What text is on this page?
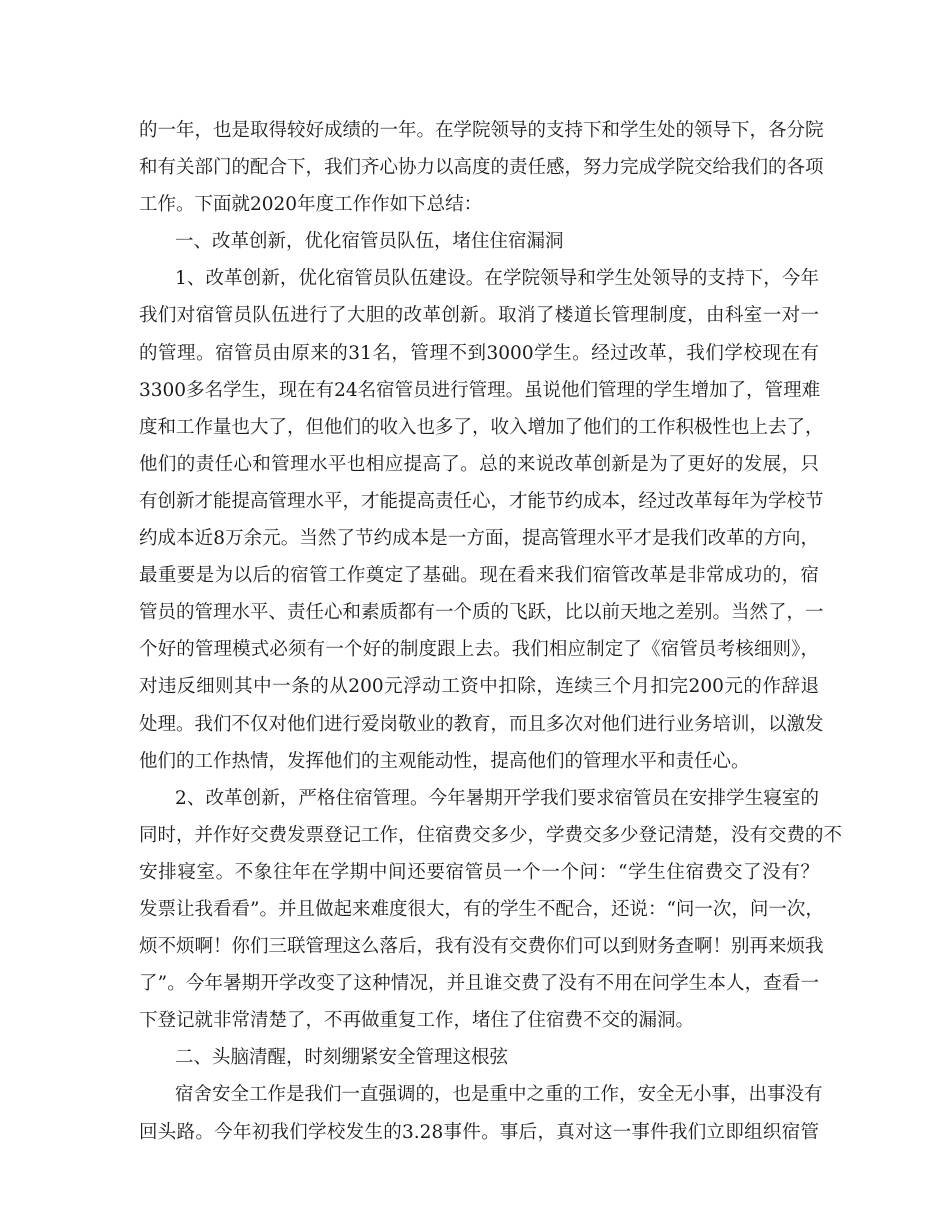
的一年，也是取得较好成绩的一年。在学院领导的支持下和学生处的领导下，各分院
和有关部门的配合下，我们齐心协力以高度的责任感，努力完成学院交给我们的各项
工作。下面就2020年度工作作如下总结：
一、改革创新，优化宿管员队伍，堵住住宿漏洞
1、改革创新，优化宿管员队伍建设。在学院领导和学生处领导的支持下，今年
我们对宿管员队伍进行了大胆的改革创新。取消了楼道长管理制度，由科室一对一
的管理。宿管员由原来的31名，管理不到3000学生。经过改革，我们学校现在有
3300多名学生，现在有24名宿管员进行管理。虽说他们管理的学生增加了，管理难
度和工作量也大了，但他们的收入也多了，收入增加了他们的工作积极性也上去了，
他们的责任心和管理水平也相应提高了。总的来说改革创新是为了更好的发展，只
有创新才能提高管理水平，才能提高责任心，才能节约成本，经过改革每年为学校节
约成本近8万余元。当然了节约成本是一方面，提高管理水平才是我们改革的方向，
最重要是为以后的宿管工作奠定了基础。现在看来我们宿管改革是非常成功的，宿
管员的管理水平、责任心和素质都有一个质的飞跃，比以前天地之差别。当然了，一
个好的管理模式必须有一个好的制度跟上去。我们相应制定了《宿管员考核细则》，
对违反细则其中一条的从200元浮动工资中扣除，连续三个月扣完200元的作辞退
处理。我们不仅对他们进行爱岗敬业的教育，而且多次对他们进行业务培训，以激发
他们的工作热情，发挥他们的主观能动性，提高他们的管理水平和责任心。
2、改革创新，严格住宿管理。今年暑期开学我们要求宿管员在安排学生寝室的
同时，并作好交费发票登记工作，住宿费交多少，学费交多少登记清楚，没有交费的不
安排寝室。不象往年在学期中间还要宿管员一个一个问：“学生住宿费交了没有？
发票让我看看”。并且做起来难度很大，有的学生不配合，还说：“问一次，问一次，
烦不烦啊！你们三联管理这么落后，我有没有交费你们可以到财务查啊！别再来烦我
了”。今年暑期开学改变了这种情况，并且谁交费了没有不用在问学生本人，查看一
下登记就非常清楚了，不再做重复工作，堵住了住宿费不交的漏洞。
二、头脑清醒，时刻绷紧安全管理这根弦
宿舍安全工作是我们一直强调的，也是重中之重的工作，安全无小事，出事没有
回头路。今年初我们学校发生的3.28事件。事后，真对这一事件我们立即组织宿管
